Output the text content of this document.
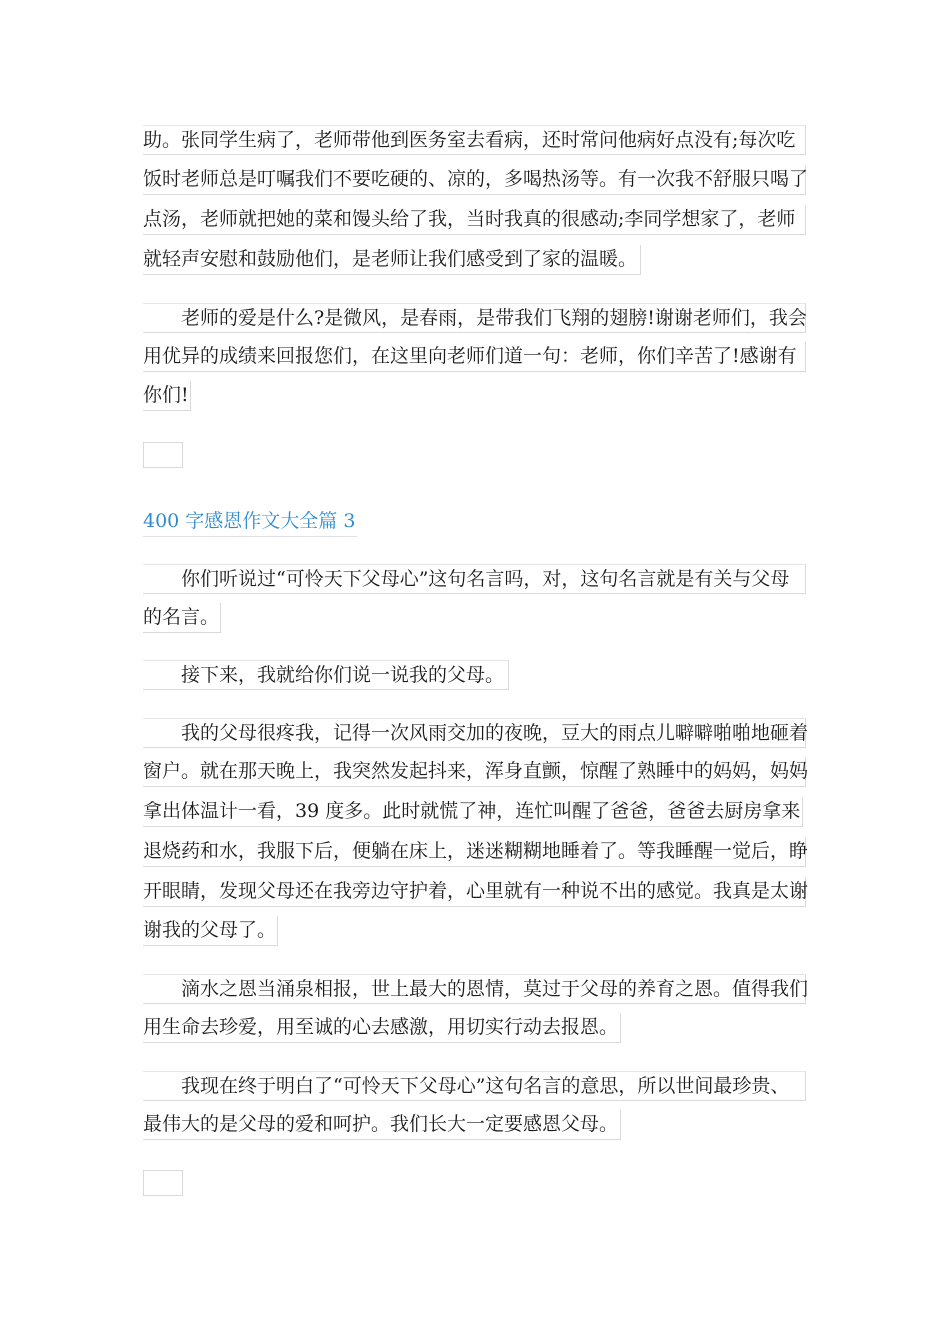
助。张同学生病了，老师带他到医务室去看病，还时常问他病好点没有;每次吃
饭时老师总是叮嘱我们不要吃硬的、凉的，多喝热汤等。有一次我不舒服只喝了
点汤，老师就把她的菜和馒头给了我，当时我真的很感动;李同学想家了，老师
就轻声安慰和鼓励他们，是老师让我们感受到了家的温暖。
老师的爱是什么?是微风，是春雨，是带我们飞翔的翅膀!谢谢老师们，我会
用优异的成绩来回报您们，在这里向老师们道一句：老师，你们辛苦了!感谢有
你们!
400 字感恩作文大全篇 3
你们听说过“可怜天下父母心”这句名言吗，对，这句名言就是有关与父母
的名言。
接下来，我就给你们说一说我的父母。
我的父母很疼我，记得一次风雨交加的夜晚，豆大的雨点儿噼噼啪啪地砸着
窗户。就在那天晚上，我突然发起抖来，浑身直颤，惊醒了熟睡中的妈妈，妈妈
拿出体温计一看，39 度多。此时就慌了神，连忙叫醒了爸爸，爸爸去厨房拿来
退烧药和水，我服下后，便躺在床上，迷迷糊糊地睡着了。等我睡醒一觉后，睁
开眼睛，发现父母还在我旁边守护着，心里就有一种说不出的感觉。我真是太谢
谢我的父母了。
滴水之恩当涌泉相报，世上最大的恩情，莫过于父母的养育之恩。值得我们
用生命去珍爱，用至诚的心去感激，用切实行动去报恩。
我现在终于明白了“可怜天下父母心”这句名言的意思，所以世间最珍贵、
最伟大的是父母的爱和呵护。我们长大一定要感恩父母。
